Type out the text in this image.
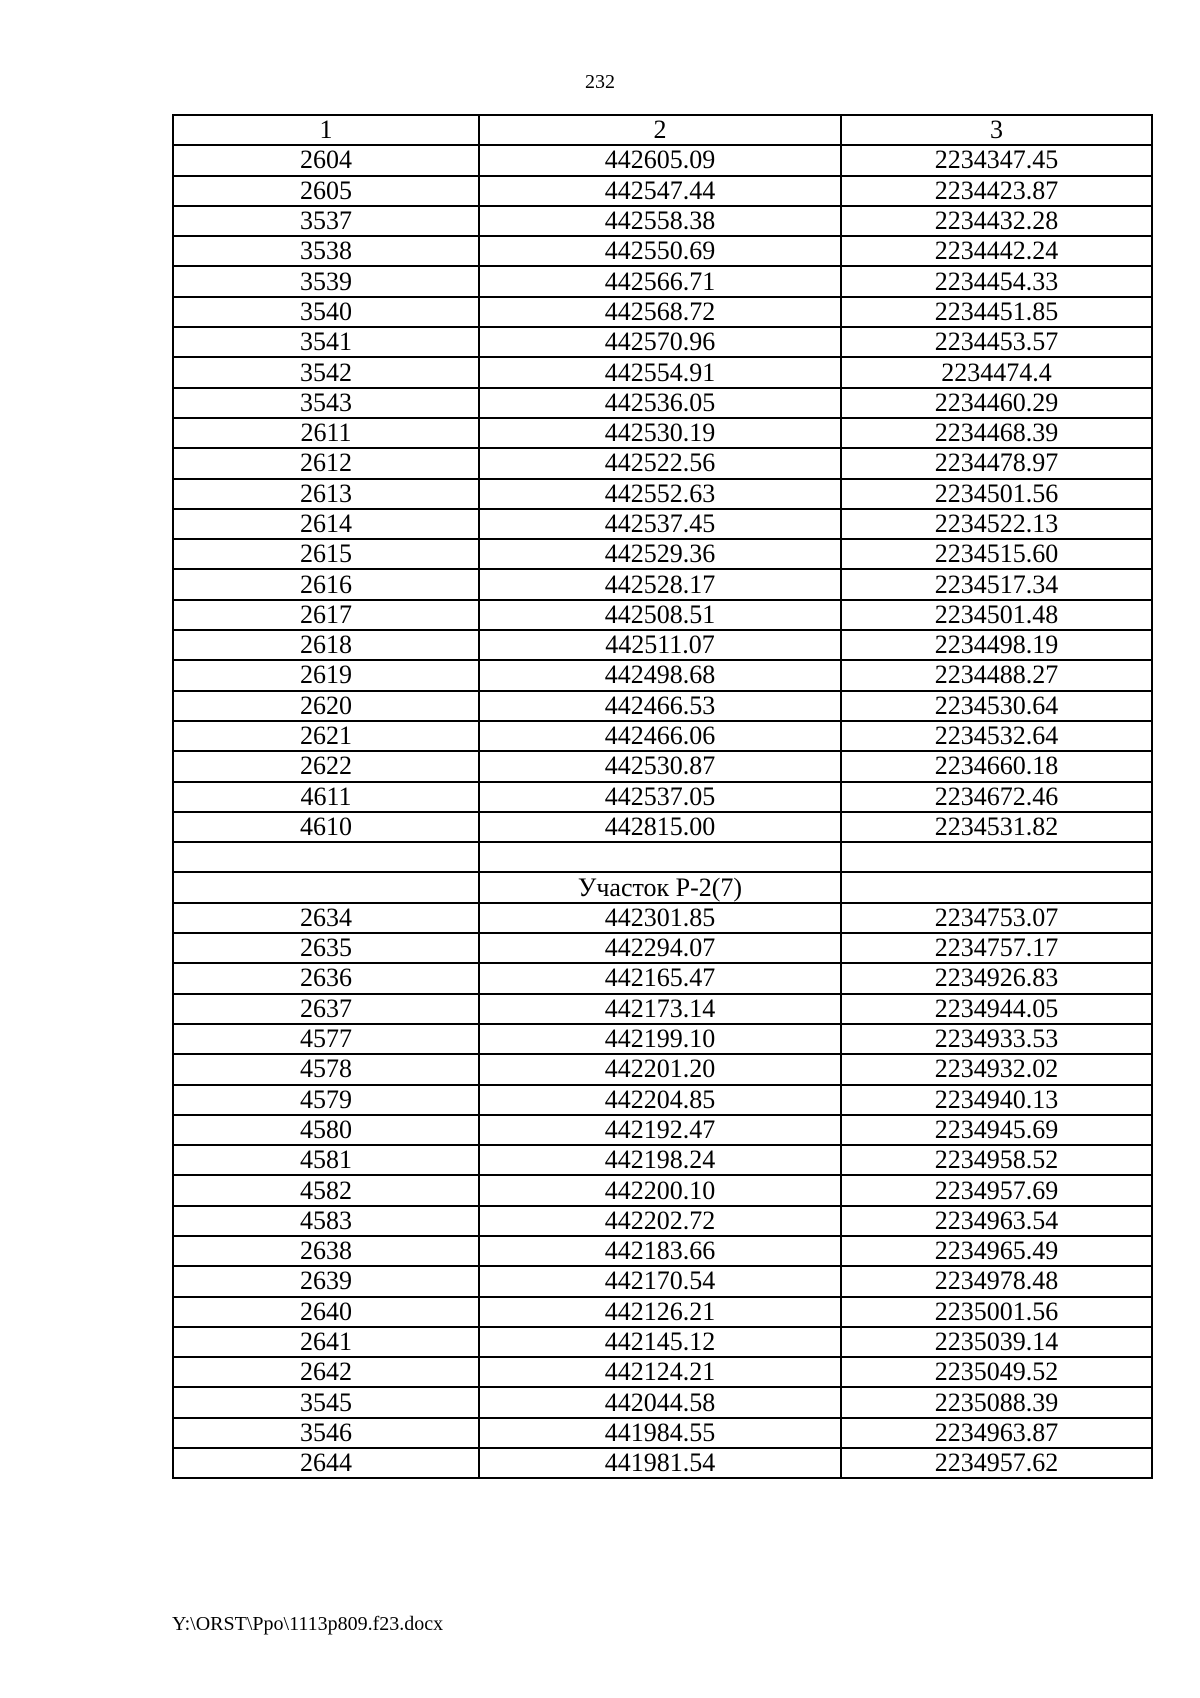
232
1	2	3
2604	442605.09	2234347.45
2605	442547.44	2234423.87
3537	442558.38	2234432.28
3538	442550.69	2234442.24
3539	442566.71	2234454.33
3540	442568.72	2234451.85
3541	442570.96	2234453.57
3542	442554.91	2234474.4
3543	442536.05	2234460.29
2611	442530.19	2234468.39
2612	442522.56	2234478.97
2613	442552.63	2234501.56
2614	442537.45	2234522.13
2615	442529.36	2234515.60
2616	442528.17	2234517.34
2617	442508.51	2234501.48
2618	442511.07	2234498.19
2619	442498.68	2234488.27
2620	442466.53	2234530.64
2621	442466.06	2234532.64
2622	442530.87	2234660.18
4611	442537.05	2234672.46
4610	442815.00	2234531.82

	Участок Р-2(7)	
2634	442301.85	2234753.07
2635	442294.07	2234757.17
2636	442165.47	2234926.83
2637	442173.14	2234944.05
4577	442199.10	2234933.53
4578	442201.20	2234932.02
4579	442204.85	2234940.13
4580	442192.47	2234945.69
4581	442198.24	2234958.52
4582	442200.10	2234957.69
4583	442202.72	2234963.54
2638	442183.66	2234965.49
2639	442170.54	2234978.48
2640	442126.21	2235001.56
2641	442145.12	2235039.14
2642	442124.21	2235049.52
3545	442044.58	2235088.39
3546	441984.55	2234963.87
2644	441981.54	2234957.62
Y:\ORST\Ppo\1113p809.f23.docx
